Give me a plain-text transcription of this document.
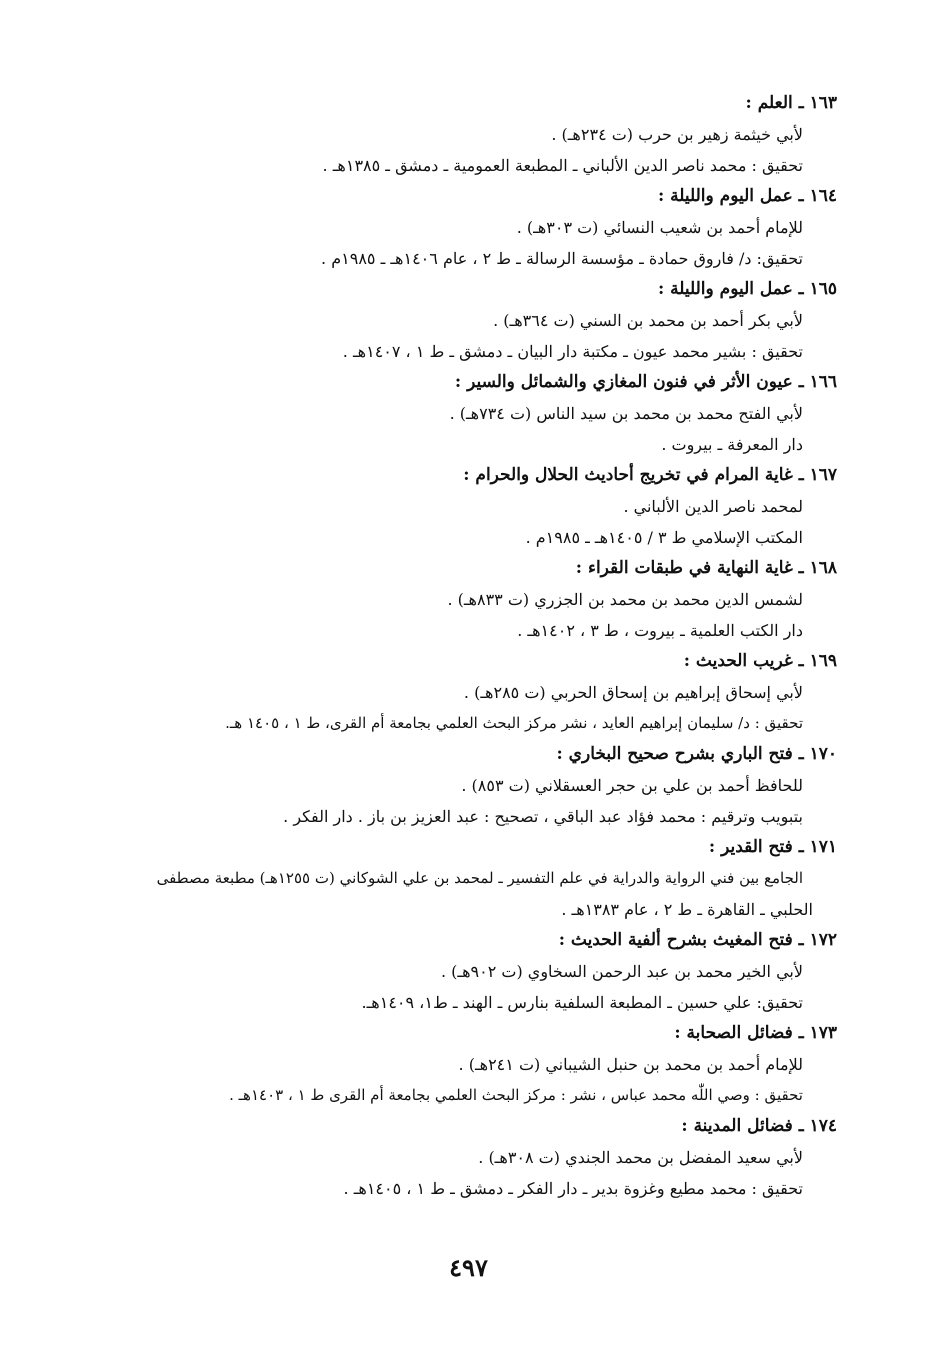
١٦٣ ـ العلم :
لأبي خيثمة زهير بن حرب (ت ٢٣٤هـ) .
تحقيق : محمد ناصر الدين الألباني ـ المطبعة العمومية ـ دمشق ـ ١٣٨٥هـ .
١٦٤ ـ عمل اليوم والليلة :
للإمام أحمد بن شعيب النسائي (ت ٣٠٣هـ) .
تحقيق: د/ فاروق حمادة ـ مؤسسة الرسالة ـ ط ٢ ، عام ١٤٠٦هـ ـ ١٩٨٥م .
١٦٥ ـ عمل اليوم والليلة :
لأبي بكر أحمد بن محمد بن السني (ت ٣٦٤هـ) .
تحقيق : بشير محمد عيون ـ مكتبة دار البيان ـ دمشق ـ ط ١ ، ١٤٠٧هـ .
١٦٦ ـ عيون الأثر في فنون المغازي والشمائل والسير :
لأبي الفتح محمد بن محمد بن سيد الناس (ت ٧٣٤هـ) .
دار المعرفة ـ بيروت .
١٦٧ ـ غاية المرام في تخريج أحاديث الحلال والحرام :
لمحمد ناصر الدين الألباني .
المكتب الإسلامي ط ٣ / ١٤٠٥هـ ـ ١٩٨٥م .
١٦٨ ـ غاية النهاية في طبقات القراء :
لشمس الدين محمد بن محمد بن الجزري (ت ٨٣٣هـ) .
دار الكتب العلمية ـ بيروت ، ط ٣ ، ١٤٠٢هـ .
١٦٩ ـ غريب الحديث :
لأبي إسحاق إبراهيم بن إسحاق الحربي (ت ٢٨٥هـ) .
تحقيق : د/ سليمان إبراهيم العايد ، نشر مركز البحث العلمي بجامعة أم القرى، ط ١ ، ١٤٠٥ هـ.
١٧٠ ـ فتح الباري بشرح صحيح البخاري :
للحافظ أحمد بن علي بن حجر العسقلاني (ت ٨٥٣) .
بتبويب وترقيم : محمد فؤاد عبد الباقي ، تصحيح : عبد العزيز بن باز . دار الفكر .
١٧١ ـ فتح القدير :
الجامع بين فني الرواية والدراية في علم التفسير ـ لمحمد بن علي الشوكاني (ت ١٢٥٥هـ) مطبعة مصطفى
الحلبي ـ القاهرة ـ ط ٢ ، عام ١٣٨٣هـ .
١٧٢ ـ فتح المغيث بشرح ألفية الحديث :
لأبي الخير محمد بن عبد الرحمن السخاوي (ت ٩٠٢هـ) .
تحقيق: علي حسين ـ المطبعة السلفية بنارس ـ الهند ـ ط١، ١٤٠٩هـ.
١٧٣ ـ فضائل الصحابة :
للإمام أحمد بن محمد بن حنبل الشيباني (ت ٢٤١هـ) .
تحقيق : وصي اللّٰه محمد عباس ، نشر : مركز البحث العلمي بجامعة أم القرى ط ١ ، ١٤٠٣هـ .
١٧٤ ـ فضائل المدينة :
لأبي سعيد المفضل بن محمد الجندي (ت ٣٠٨هـ) .
تحقيق : محمد مطيع وغزوة بدير ـ دار الفكر ـ دمشق ـ ط ١ ، ١٤٠٥هـ .
٤٩٧
